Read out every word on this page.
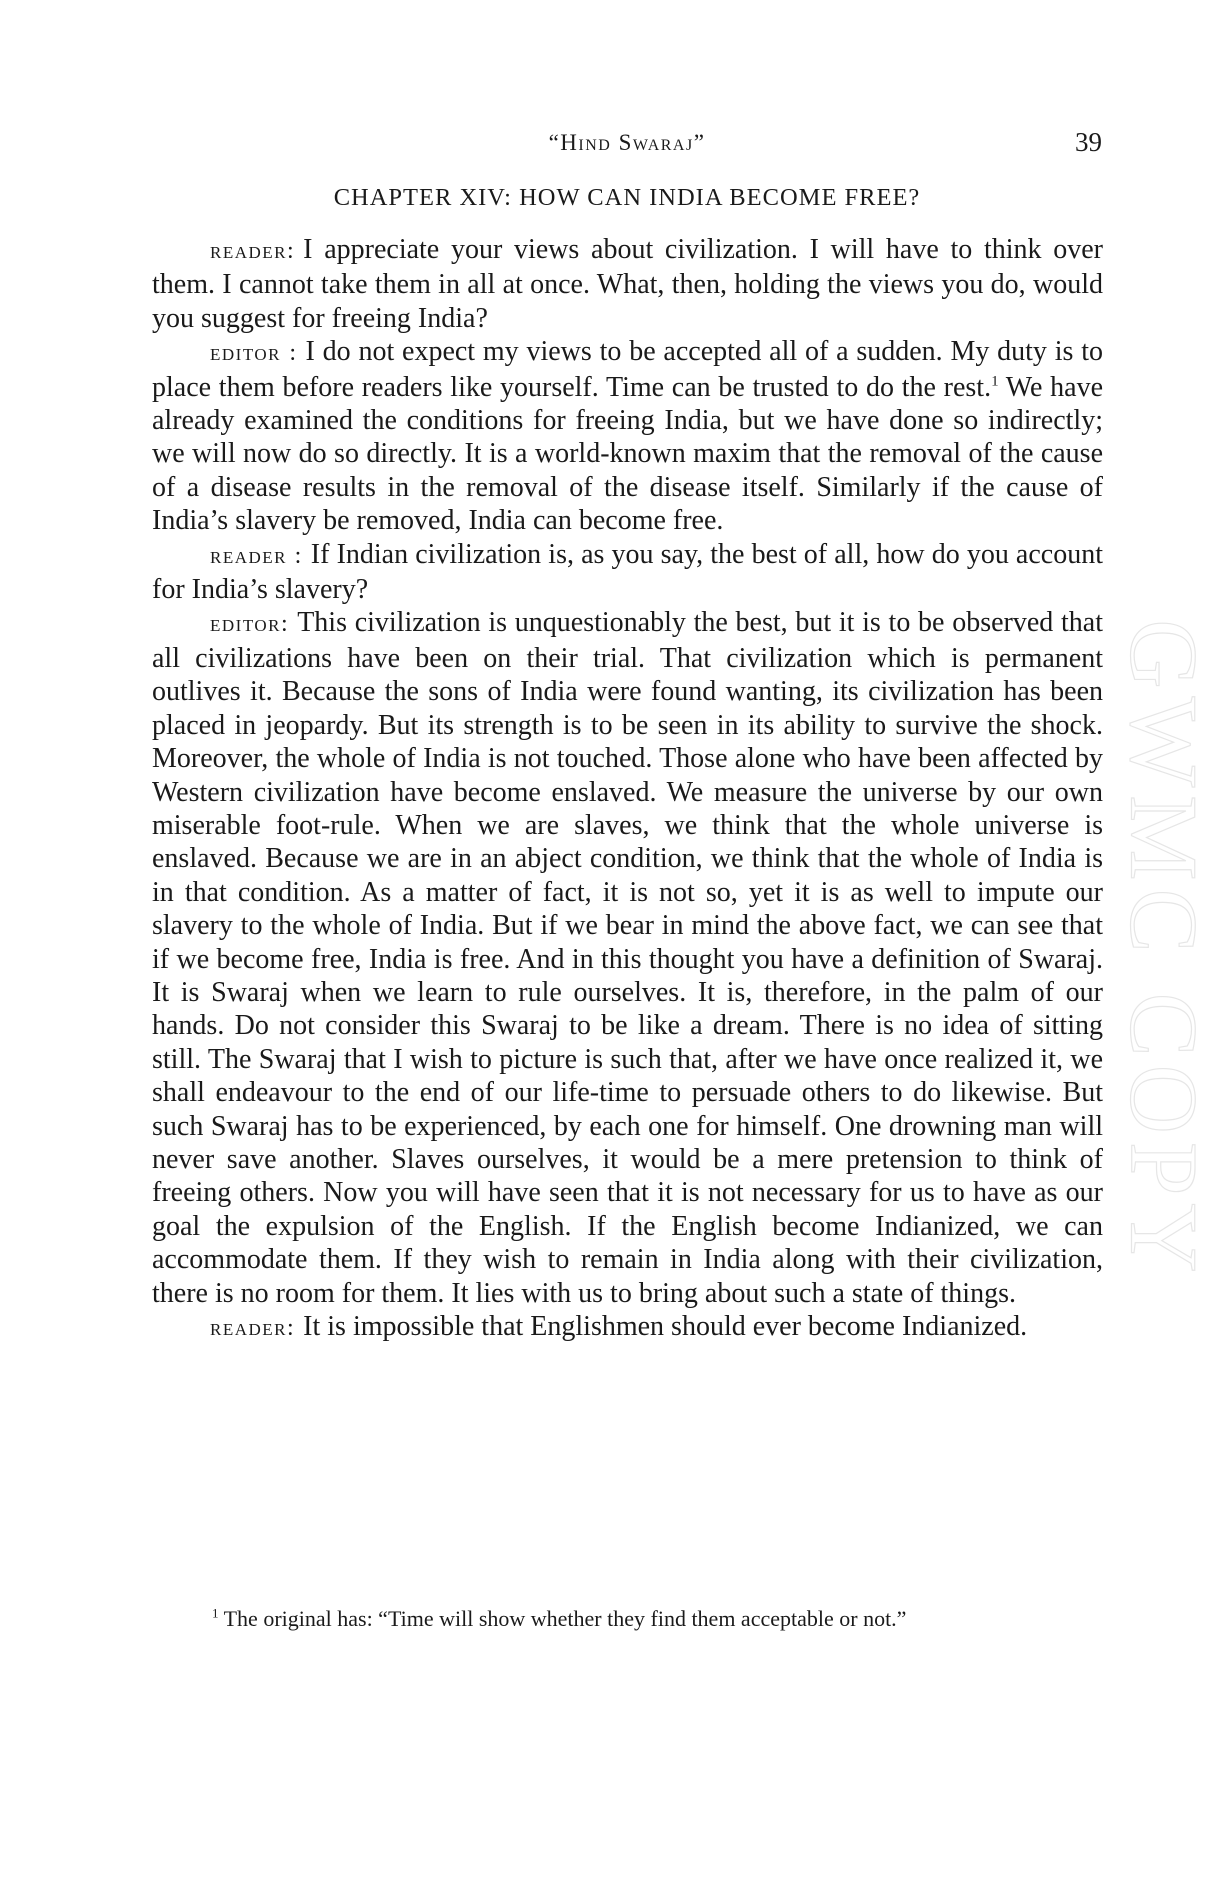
“Hind Swaraj”	39
CHAPTER XIV: HOW CAN INDIA BECOME FREE?

reader: I appreciate your views about civilization. I will have to think over them. I cannot take them in all at once. What, then, holding the views you do, would you suggest for freeing India?

editor : I do not expect my views to be accepted all of a sudden. My duty is to place them before readers like yourself. Time can be trusted to do the rest.$^1$ We have already examined the conditions for freeing India, but we have done so indirectly; we will now do so directly. It is a world-known maxim that the removal of the cause of a disease results in the removal of the disease itself. Similarly if the cause of India’s slavery be removed, India can become free.

reader : If Indian civilization is, as you say, the best of all, how do you account for India’s slavery?

editor: This civilization is unquestionably the best, but it is to be observed that all civilizations have been on their trial. That civilization which is permanent outlives it. Because the sons of India were found wanting, its civilization has been placed in jeopardy. But its strength is to be seen in its ability to survive the shock. Moreover, the whole of India is not touched. Those alone who have been affected by Western civilization have become enslaved. We measure the universe by our own miserable foot-rule. When we are slaves, we think that the whole universe is enslaved. Because we are in an abject condition, we think that the whole of India is in that condition. As a matter of fact, it is not so, yet it is as well to impute our slavery to the whole of India. But if we bear in mind the above fact, we can see that if we become free, India is free. And in this thought you have a definition of Swaraj. It is Swaraj when we learn to rule ourselves. It is, therefore, in the palm of our hands. Do not consider this Swaraj to be like a dream. There is no idea of sitting still. The Swaraj that I wish to picture is such that, after we have once realized it, we shall endeavour to the end of our life-time to persuade others to do likewise. But such Swaraj has to be experienced, by each one for himself. One drowning man will never save another. Slaves ourselves, it would be a mere pretension to think of freeing others. Now you will have seen that it is not necessary for us to have as our goal the expulsion of the English. If the English become Indianized, we can accommodate them. If they wish to remain in India along with their civilization, there is no room for them. It lies with us to bring about such a state of things.

reader: It is impossible that Englishmen should ever become Indianized.

$^1$ The original has: “Time will show whether they find them acceptable or not.”
GWMC COPY
